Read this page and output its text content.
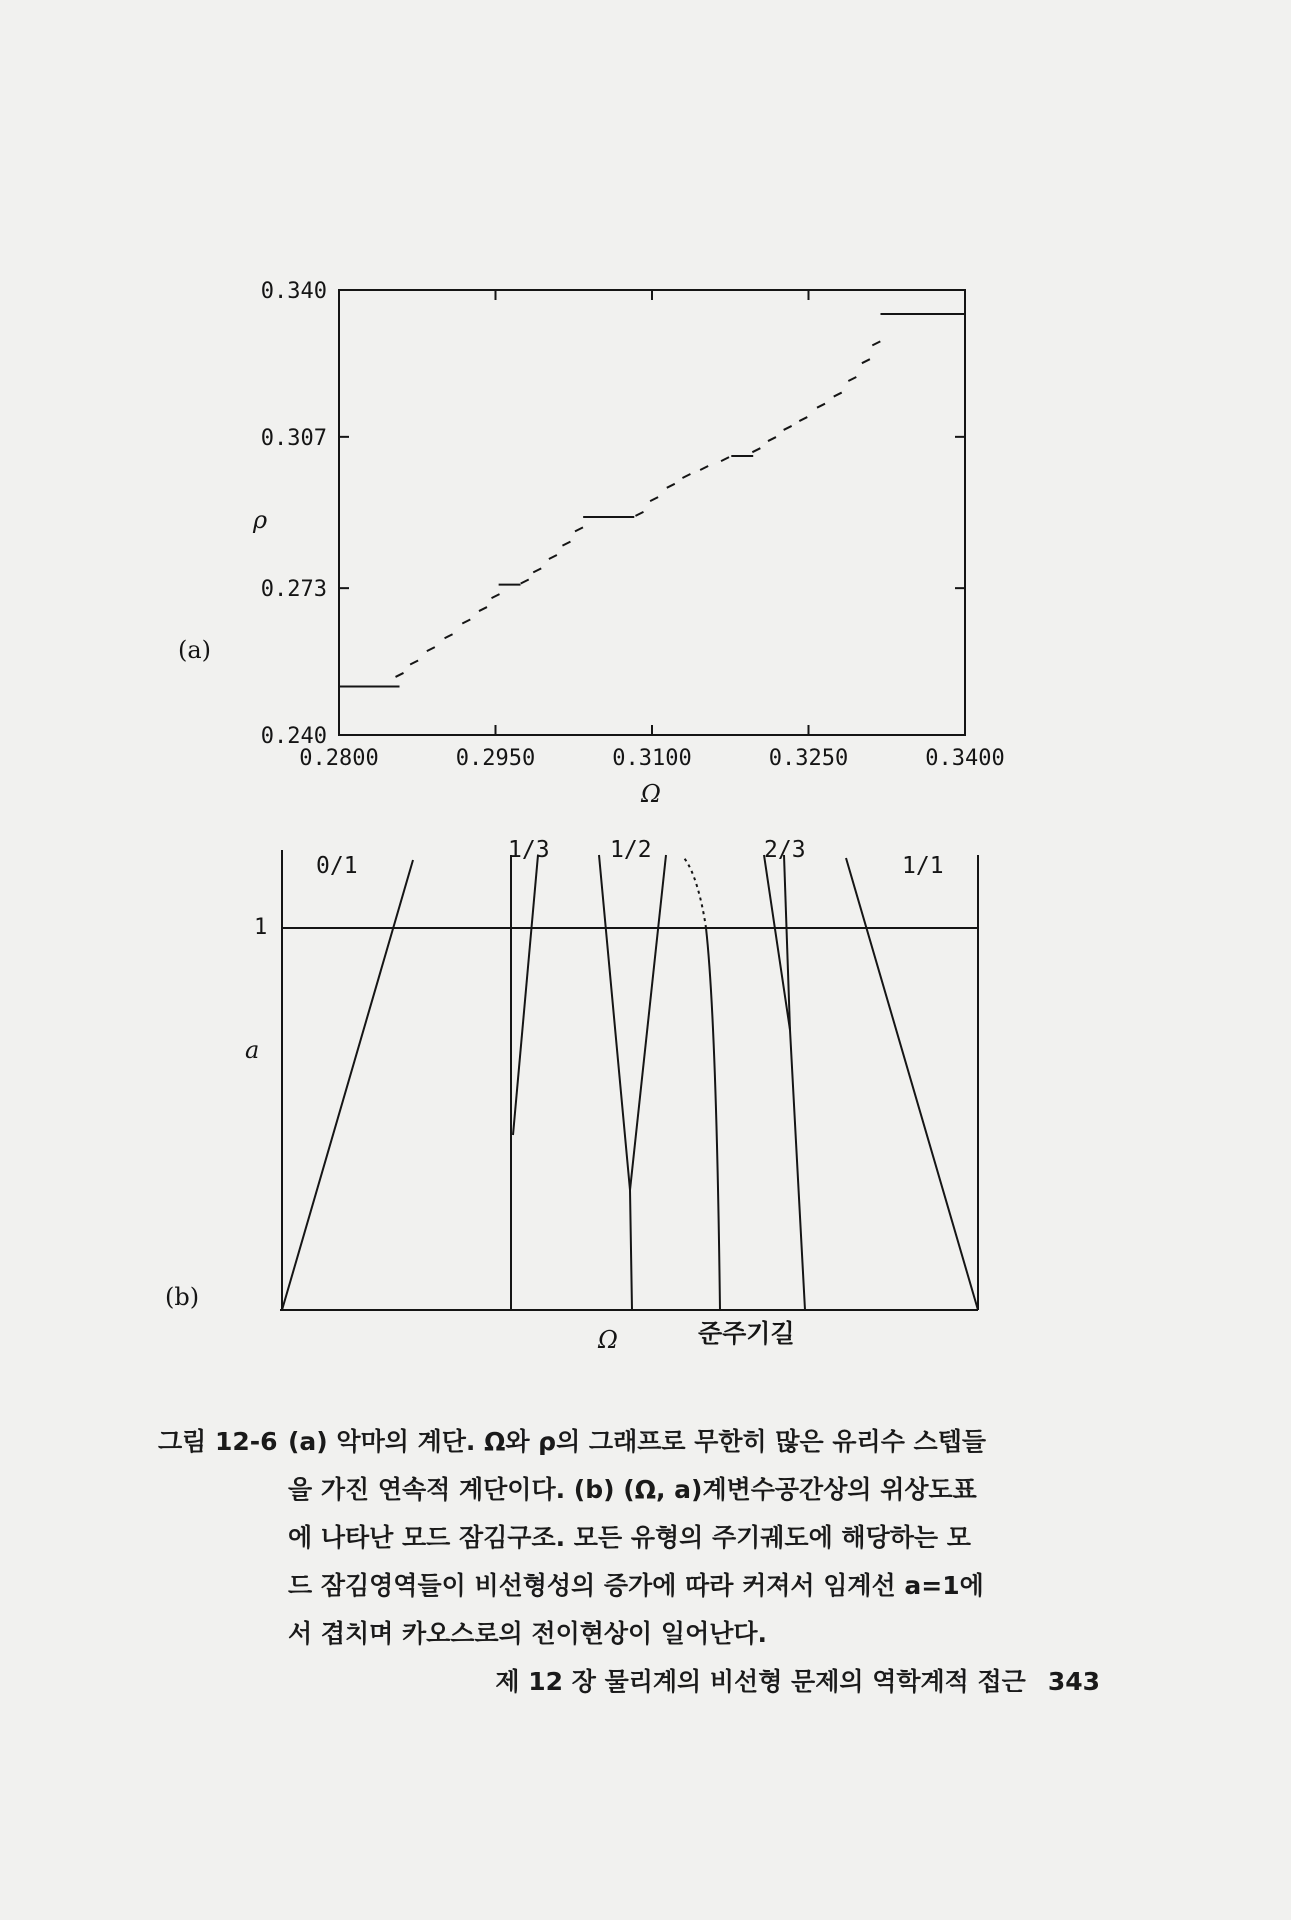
(a)
0.240
0.273
0.307
0.340
0.2800	0.2950	0.3100	0.3250	0.3400
ρ
Ω
(b)
a
1
Ω	준주기길
0/1
1/3	1/2	2/3
1/1
그림 12-6 (a) 악마의 계단. Ω와 ρ의 그래프로 무한히 많은 유리수 스텝들
을 가진 연속적 계단이다. (b) (Ω, a)계변수공간상의 위상도표
에 나타난 모드 잠김구조. 모든 유형의 주기궤도에 해당하는 모
드 잠김영역들이 비선형성의 증가에 따라 커져서 임계선 a=1에
서 겹치며 카오스로의 전이현상이 일어난다.
제 12 장 물리계의 비선형 문제의 역학계적 접근 343
